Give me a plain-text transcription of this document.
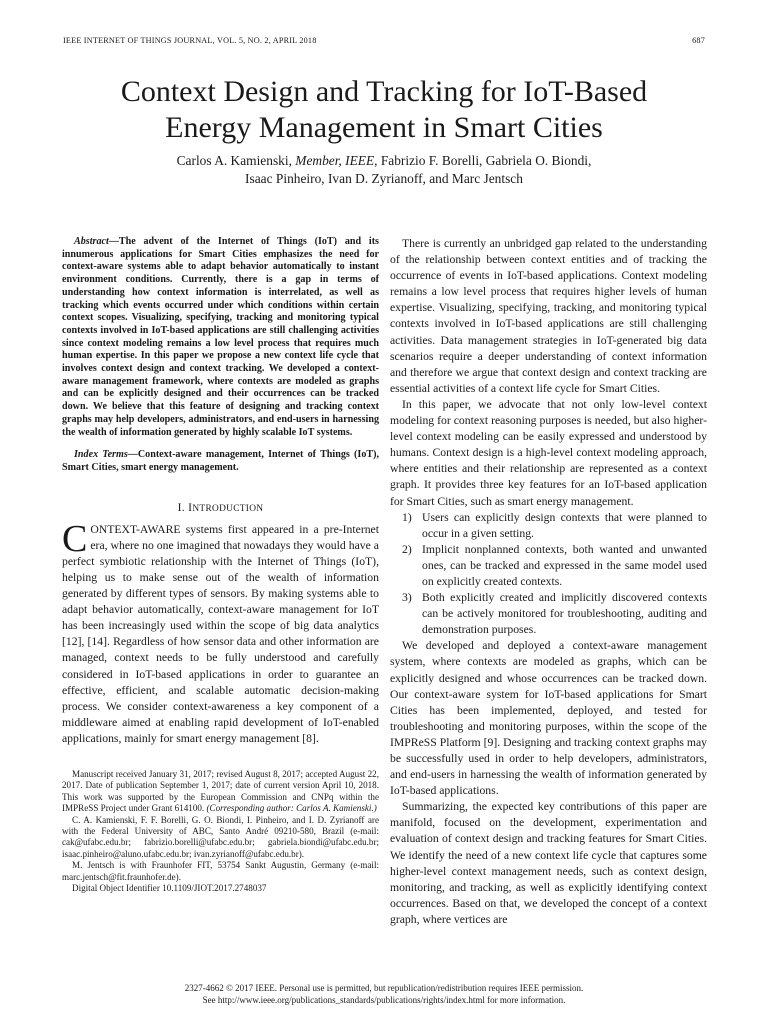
IEEE INTERNET OF THINGS JOURNAL, VOL. 5, NO. 2, APRIL 2018	687
Context Design and Tracking for IoT-Based
Energy Management in Smart Cities
Carlos A. Kamienski, Member, IEEE, Fabrizio F. Borelli, Gabriela O. Biondi,
Isaac Pinheiro, Ivan D. Zyrianoff, and Marc Jentsch

Abstract—The advent of the Internet of Things (IoT) and its innumerous applications for Smart Cities emphasizes the need for context-aware systems able to adapt behavior automatically to instant environment conditions. Currently, there is a gap in terms of understanding how context information is interrelated, as well as tracking which events occurred under which conditions within certain context scopes. Visualizing, specifying, tracking and monitoring typical contexts involved in IoT-based applications are still challenging activities since context modeling remains a low level process that requires much human expertise. In this paper we propose a new context life cycle that involves context design and context tracking. We developed a context-aware management framework, where contexts are modeled as graphs and can be explicitly designed and their occurrences can be tracked down. We believe that this feature of designing and tracking context graphs may help developers, administrators, and end-users in harnessing the wealth of information generated by highly scalable IoT systems.

Index Terms—Context-aware management, Internet of Things (IoT), Smart Cities, smart energy management.

I. INTRODUCTION

CONTEXT-AWARE systems first appeared in a pre-Internet era, where no one imagined that nowadays they would have a perfect symbiotic relationship with the Internet of Things (IoT), helping us to make sense out of the wealth of information generated by different types of sensors. By making systems able to adapt behavior automatically, context-aware management for IoT has been increasingly used within the scope of big data analytics [12], [14]. Regardless of how sensor data and other information are managed, context needs to be fully understood and carefully considered in IoT-based applications in order to guarantee an effective, efficient, and scalable automatic decision-making process. We consider context-awareness a key component of a middleware aimed at enabling rapid development of IoT-enabled applications, mainly for smart energy management [8].

Manuscript received January 31, 2017; revised August 8, 2017; accepted August 22, 2017. Date of publication September 1, 2017; date of current version April 10, 2018. This work was supported by the European Commission and CNPq within the IMPReSS Project under Grant 614100. (Corresponding author: Carlos A. Kamienski.)

C. A. Kamienski, F. F. Borelli, G. O. Biondi, I. Pinheiro, and I. D. Zyrianoff are with the Federal University of ABC, Santo André 09210-580, Brazil (e-mail: cak@ufabc.edu.br; fabrizio.borelli@ufabc.edu.br; gabriela.biondi@ufabc.edu.br; isaac.pinheiro@aluno.ufabc.edu.br; ivan.zyrianoff@ufabc.edu.br).

M. Jentsch is with Fraunhofer FIT, 53754 Sankt Augustin, Germany (e-mail: marc.jentsch@fit.fraunhofer.de).

Digital Object Identifier 10.1109/JIOT.2017.2748037

There is currently an unbridged gap related to the understanding of the relationship between context entities and of tracking the occurrence of events in IoT-based applications. Context modeling remains a low level process that requires higher levels of human expertise. Visualizing, specifying, tracking, and monitoring typical contexts involved in IoT-based applications are still challenging activities. Data management strategies in IoT-generated big data scenarios require a deeper understanding of context information and therefore we argue that context design and context tracking are essential activities of a context life cycle for Smart Cities.

In this paper, we advocate that not only low-level context modeling for context reasoning purposes is needed, but also higher-level context modeling can be easily expressed and understood by humans. Context design is a high-level context modeling approach, where entities and their relationship are represented as a context graph. It provides three key features for an IoT-based application for Smart Cities, such as smart energy management.

1) Users can explicitly design contexts that were planned to occur in a given setting.
2) Implicit nonplanned contexts, both wanted and unwanted ones, can be tracked and expressed in the same model used on explicitly created contexts.
3) Both explicitly created and implicitly discovered contexts can be actively monitored for troubleshooting, auditing and demonstration purposes.

We developed and deployed a context-aware management system, where contexts are modeled as graphs, which can be explicitly designed and whose occurrences can be tracked down. Our context-aware system for IoT-based applications for Smart Cities has been implemented, deployed, and tested for troubleshooting and monitoring purposes, within the scope of the IMPReSS Platform [9]. Designing and tracking context graphs may be successfully used in order to help developers, administrators, and end-users in harnessing the wealth of information generated by IoT-based applications.

Summarizing, the expected key contributions of this paper are manifold, focused on the development, experimentation and evaluation of context design and tracking features for Smart Cities. We identify the need of a new context life cycle that captures some higher-level context management needs, such as context design, monitoring, and tracking, as well as explicitly identifying context occurrences. Based on that, we developed the concept of a context graph, where vertices are

2327-4662 © 2017 IEEE. Personal use is permitted, but republication/redistribution requires IEEE permission.
See http://www.ieee.org/publications_standards/publications/rights/index.html for more information.
